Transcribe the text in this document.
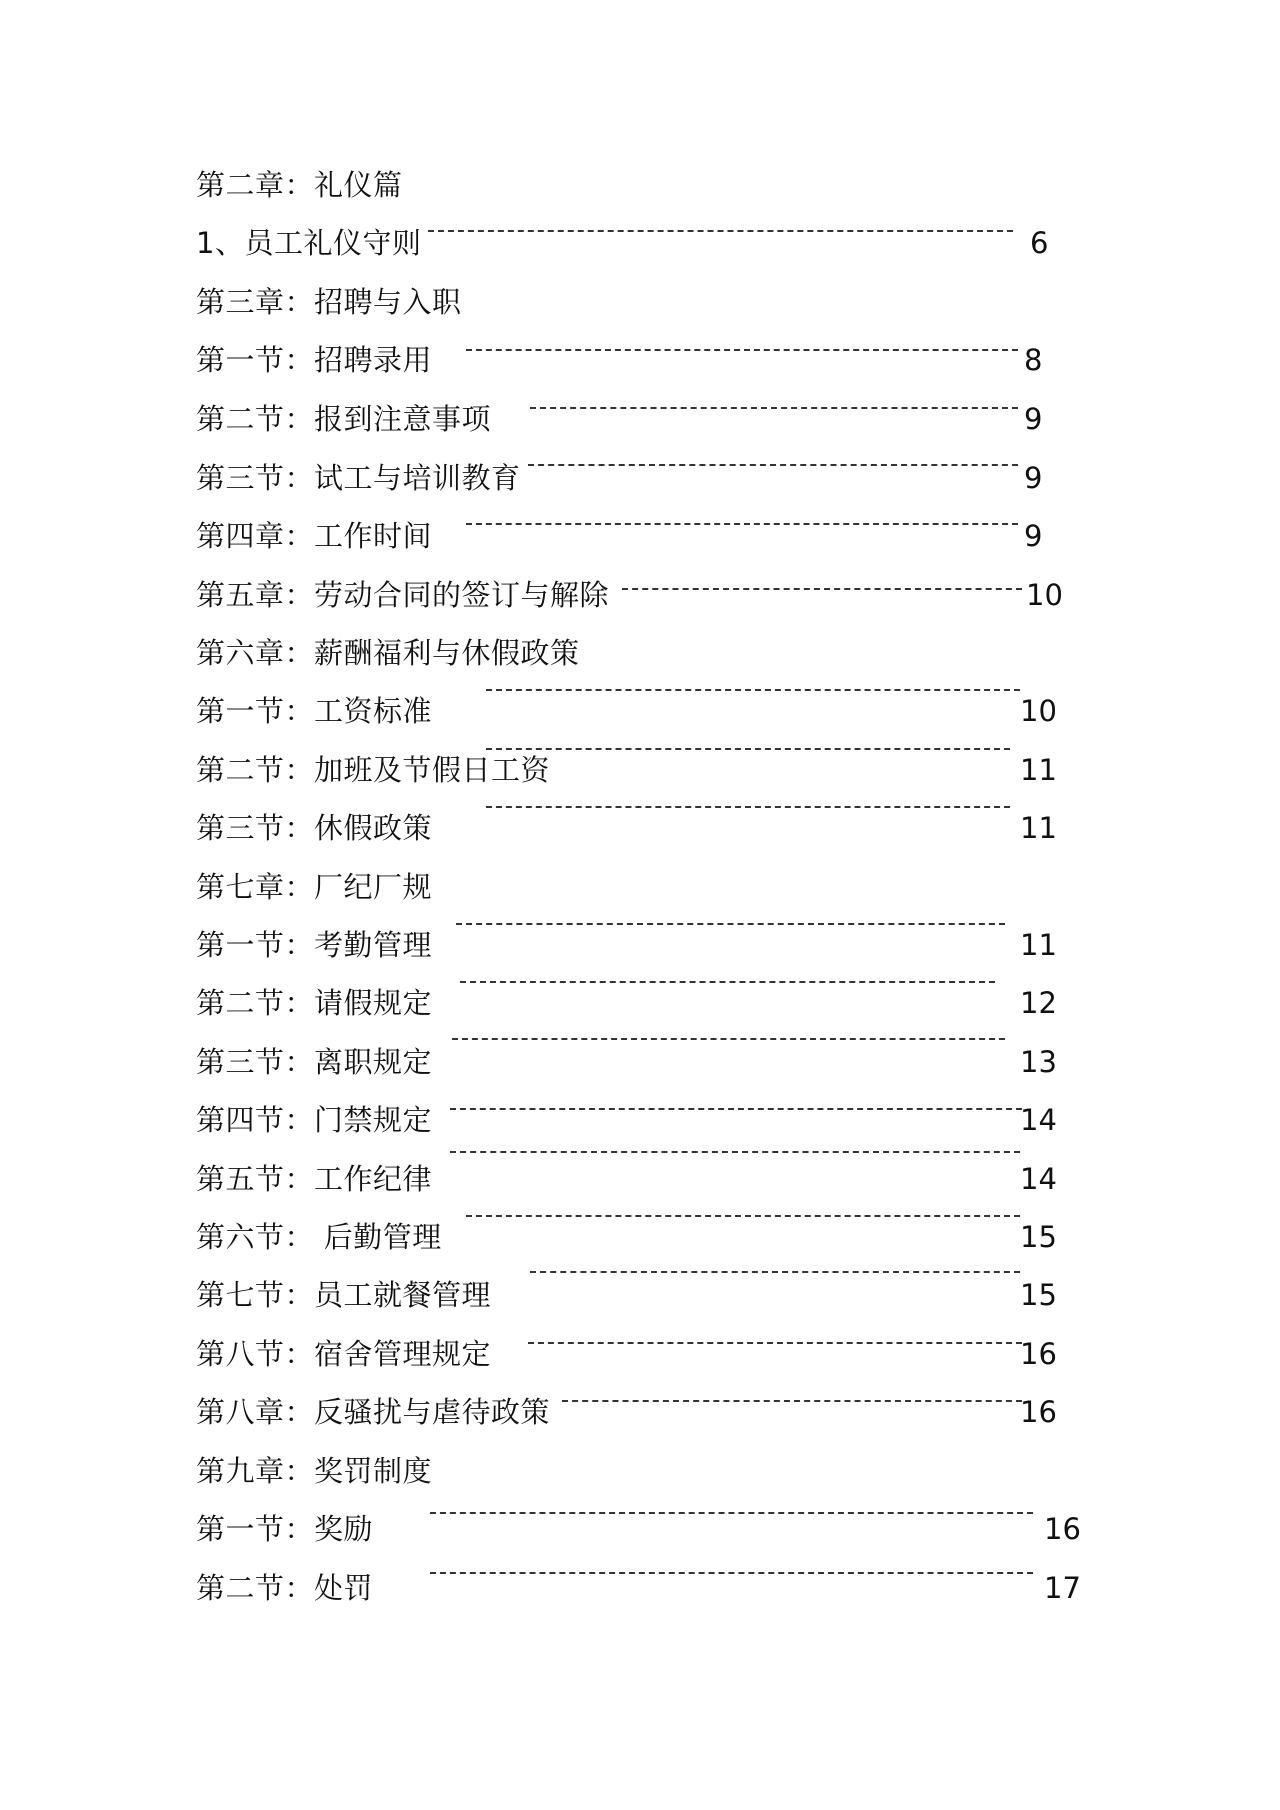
第二章：礼仪篇
1、员工礼仪守则	6
第三章：招聘与入职
第一节：招聘录用	8
第二节：报到注意事项	9
第三节：试工与培训教育	9
第四章：工作时间	9
第五章：劳动合同的签订与解除	10
第六章：薪酬福利与休假政策
第一节：工资标准	10
第二节：加班及节假日工资	11
第三节：休假政策	11
第七章：厂纪厂规
第一节：考勤管理	11
第二节：请假规定	12
第三节：离职规定	13
第四节：门禁规定	14
第五节：工作纪律	14
第六节： 后勤管理	15
第七节：员工就餐管理	15
第八节：宿舍管理规定	16
第八章：反骚扰与虐待政策	16
第九章：奖罚制度
第一节：奖励	16
第二节：处罚	17
